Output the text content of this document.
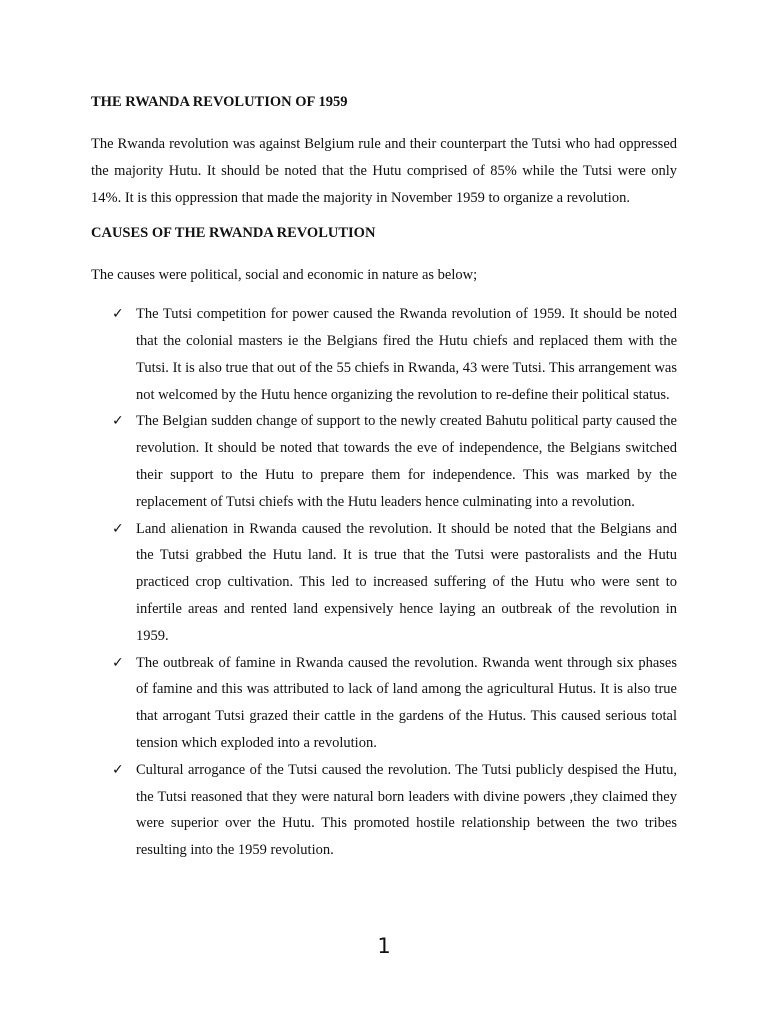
THE RWANDA REVOLUTION OF 1959

The Rwanda revolution was against Belgium rule and their counterpart the Tutsi who had oppressed the majority Hutu. It should be noted that the Hutu comprised of 85% while the Tutsi were only 14%. It is this oppression that made the majority in November 1959 to organize a revolution.

CAUSES OF THE RWANDA REVOLUTION

The causes were political, social and economic in nature as below;

✓ The Tutsi competition for power caused the Rwanda revolution of 1959. It should be noted that the colonial masters ie the Belgians fired the Hutu chiefs and replaced them with the Tutsi. It is also true that out of the 55 chiefs in Rwanda, 43 were Tutsi. This arrangement was not welcomed by the Hutu hence organizing the revolution to re-define their political status.
✓ The Belgian sudden change of support to the newly created Bahutu political party caused the revolution. It should be noted that towards the eve of independence, the Belgians switched their support to the Hutu to prepare them for independence. This was marked by the replacement of Tutsi chiefs with the Hutu leaders hence culminating into a revolution.
✓ Land alienation in Rwanda caused the revolution. It should be noted that the Belgians and the Tutsi grabbed the Hutu land. It is true that the Tutsi were pastoralists and the Hutu practiced crop cultivation. This led to increased suffering of the Hutu who were sent to infertile areas and rented land expensively hence laying an outbreak of the revolution in 1959.
✓ The outbreak of famine in Rwanda caused the revolution. Rwanda went through six phases of famine and this was attributed to lack of land among the agricultural Hutus. It is also true that arrogant Tutsi grazed their cattle in the gardens of the Hutus. This caused serious total tension which exploded into a revolution.
✓ Cultural arrogance of the Tutsi caused the revolution. The Tutsi publicly despised the Hutu, the Tutsi reasoned that they were natural born leaders with divine powers ,they claimed they were superior over the Hutu. This promoted hostile relationship between the two tribes resulting into the 1959 revolution.
1
